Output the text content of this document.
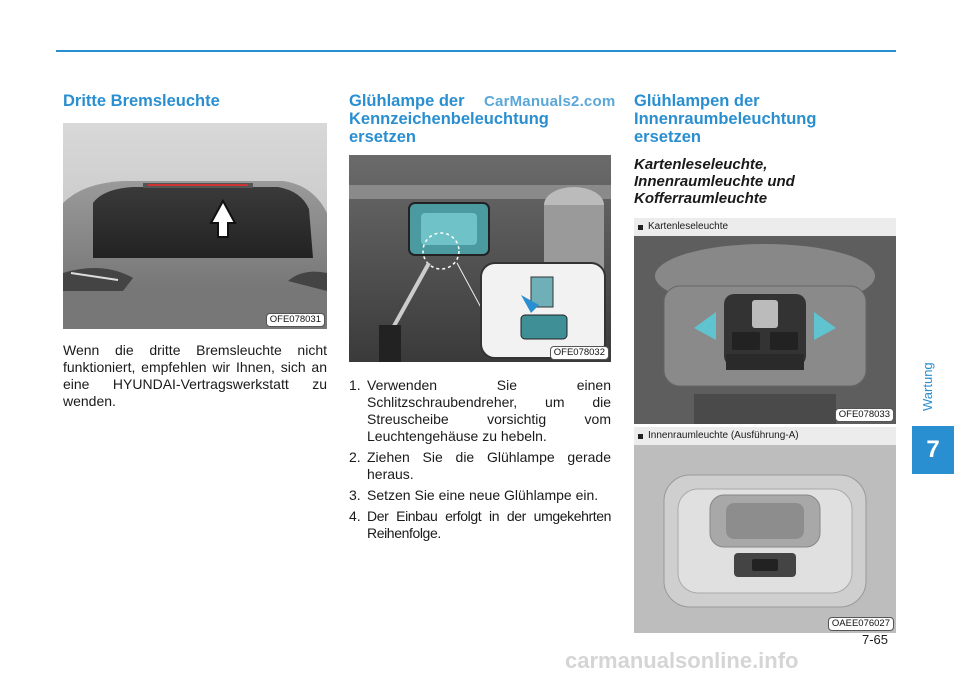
Dritte Bremsleuchte
OFE078031

Wenn die dritte Bremsleuchte nicht funktioniert, empfehlen wir Ihnen, sich an eine HYUNDAI-Vertragswerkstatt zu wenden.

Glühlampe der
Kennzeichenbeleuchtung
ersetzen
OFE078032
1. Verwenden Sie einen Schlitzschraubendreher, um die Streuscheibe vorsichtig vom Leuchtengehäuse zu hebeln.
2. Ziehen Sie die Glühlampe gerade heraus.
3. Setzen Sie eine neue Glühlampe ein.
4. Der Einbau erfolgt in der umgekehrten Reihenfolge.
Glühlampen der
Innenraumbeleuchtung
ersetzen
Kartenleseleuchte,
Innenraumleuchte und
Kofferraumleuchte
Kartenleseleuchte
OFE078033
Innenraumleuchte (Ausführung-A)
OAEE076027
CarManuals2.com
carmanualsonline.info
Wartung
7
7-65
